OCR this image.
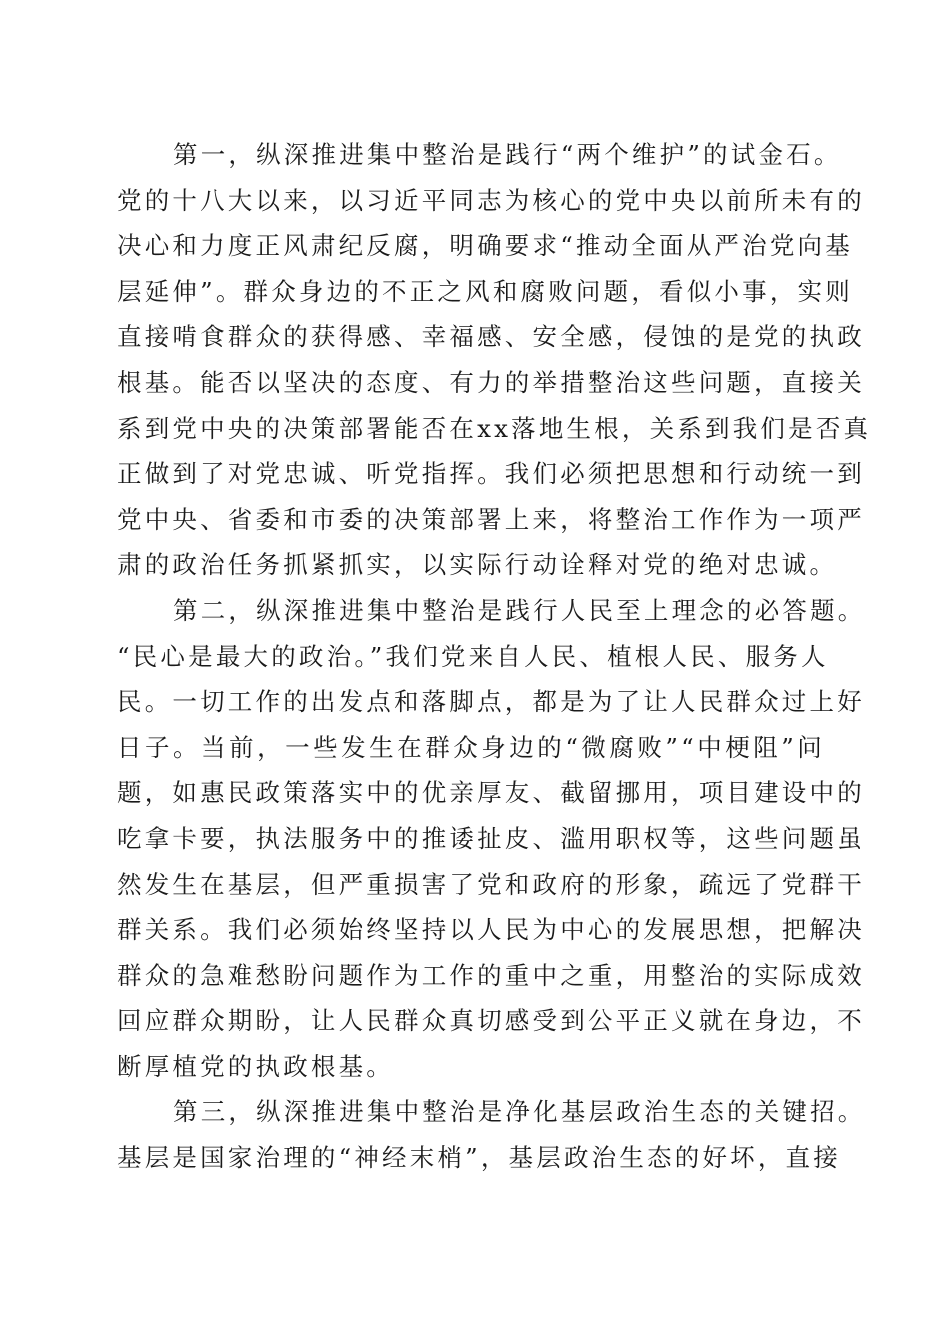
第一，纵深推进集中整治是践行“两个维护”的试金石。
党的十八大以来，以习近平同志为核心的党中央以前所未有的
决心和力度正风肃纪反腐，明确要求“推动全面从严治党向基
层延伸”。群众身边的不正之风和腐败问题，看似小事，实则
直接啃食群众的获得感、幸福感、安全感，侵蚀的是党的执政
根基。能否以坚决的态度、有力的举措整治这些问题，直接关
系到党中央的决策部署能否在xx落地生根，关系到我们是否真
正做到了对党忠诚、听党指挥。我们必须把思想和行动统一到
党中央、省委和市委的决策部署上来，将整治工作作为一项严
肃的政治任务抓紧抓实，以实际行动诠释对党的绝对忠诚。
第二，纵深推进集中整治是践行人民至上理念的必答题。
“民心是最大的政治。”我们党来自人民、植根人民、服务人
民。一切工作的出发点和落脚点，都是为了让人民群众过上好
日子。当前，一些发生在群众身边的“微腐败”“中梗阻”问
题，如惠民政策落实中的优亲厚友、截留挪用，项目建设中的
吃拿卡要，执法服务中的推诿扯皮、滥用职权等，这些问题虽
然发生在基层，但严重损害了党和政府的形象，疏远了党群干
群关系。我们必须始终坚持以人民为中心的发展思想，把解决
群众的急难愁盼问题作为工作的重中之重，用整治的实际成效
回应群众期盼，让人民群众真切感受到公平正义就在身边，不
断厚植党的执政根基。
第三，纵深推进集中整治是净化基层政治生态的关键招。
基层是国家治理的“神经末梢”，基层政治生态的好坏，直接
